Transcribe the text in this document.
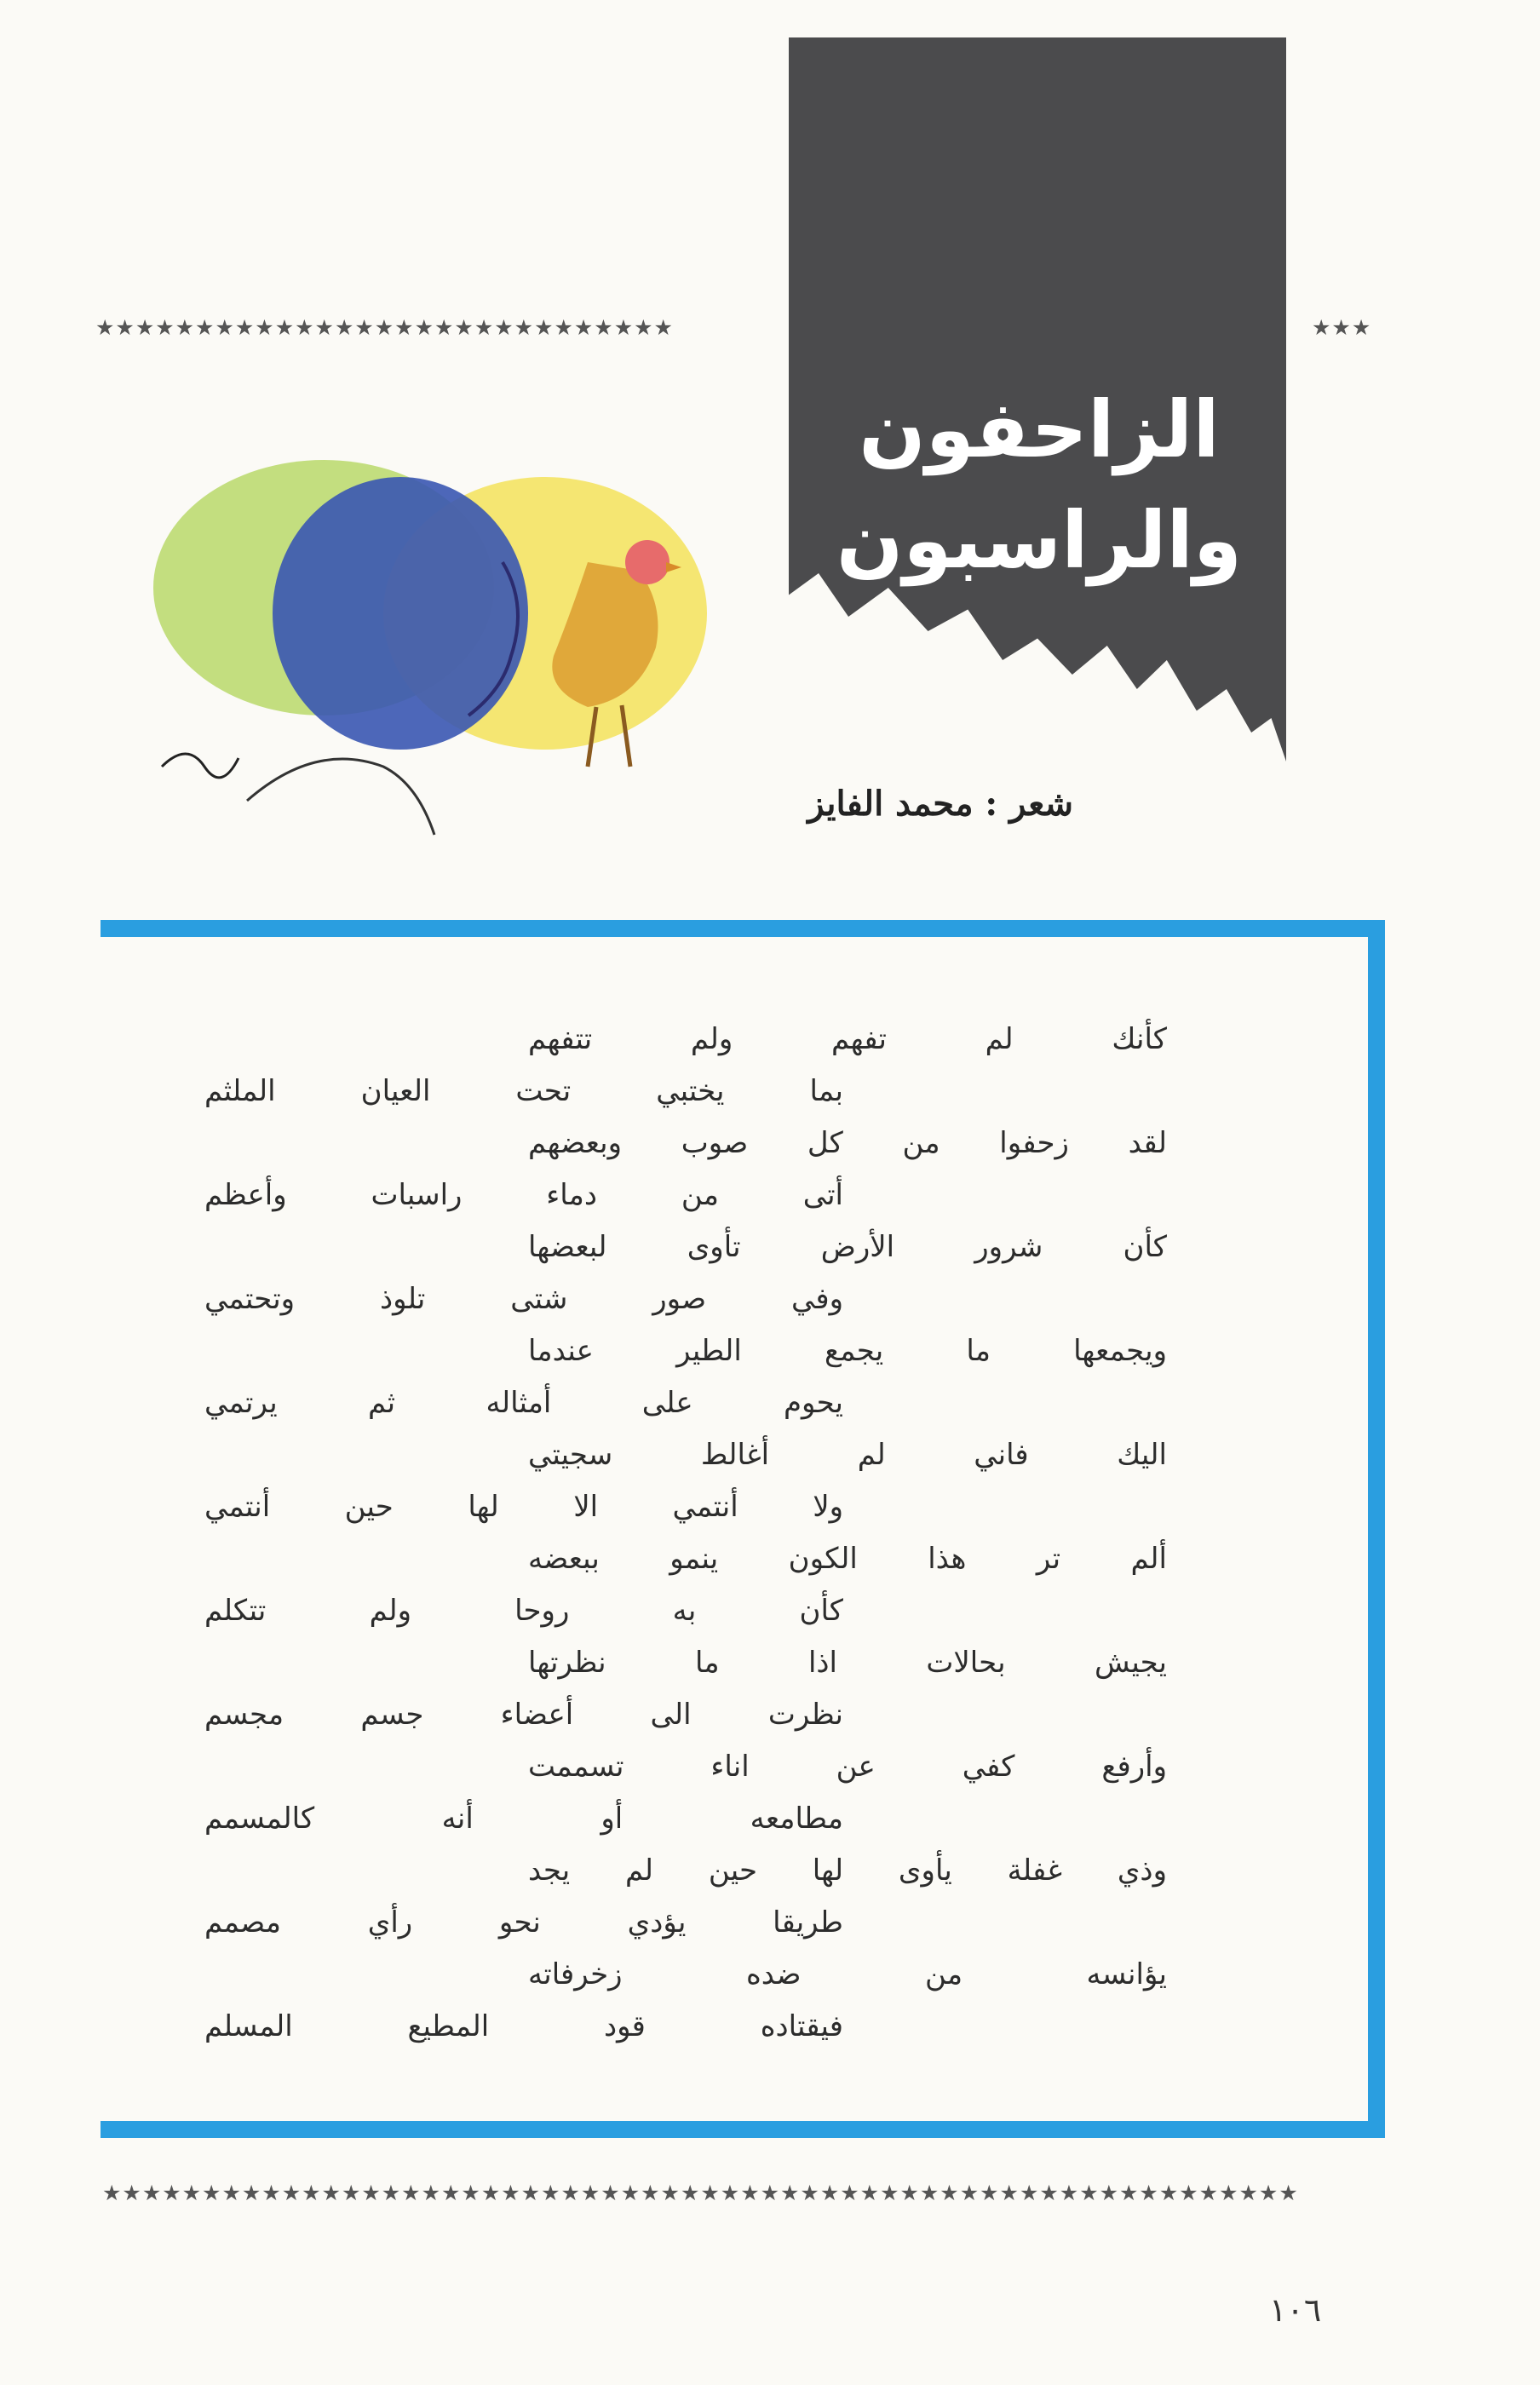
★★★★★★★★★★★★★★★★★★★★★★★★★★★★★	★★★
الزاحفون
والراسبون
شعر : محمد الفايز
كأنك لم تفهم ولم تتفهم
بما يختبي تحت العيان الملثم
لقد زحفوا من كل صوب وبعضهم
أتى من دماء راسبات وأعظم
كأن شرور الأرض تأوى لبعضها
وفي صور شتى تلوذ وتحتمي
ويجمعها ما يجمع الطير عندما
يحوم على أمثاله ثم يرتمي
اليك فاني لم أغالط سجيتي
ولا أنتمي الا لها حين أنتمي
ألم تر هذا الكون ينمو ببعضه
كأن به روحا ولم تتكلم
يجيش بحالات اذا ما نظرتها
نظرت الى أعضاء جسم مجسم
وأرفع كفي عن اناء تسممت
مطامعه أو أنه كالمسمم
وذي غفلة يأوى لها حين لم يجد
طريقا يؤدي نحو رأي مصمم
يؤانسه من ضده زخرفاته
فيقتاده قود المطيع المسلم
★★★★★★★★★★★★★★★★★★★★★★★★★★★★★★★★★★★★★★★★★★★★★★★★★★★★★★★★★★★★
١٠٦
